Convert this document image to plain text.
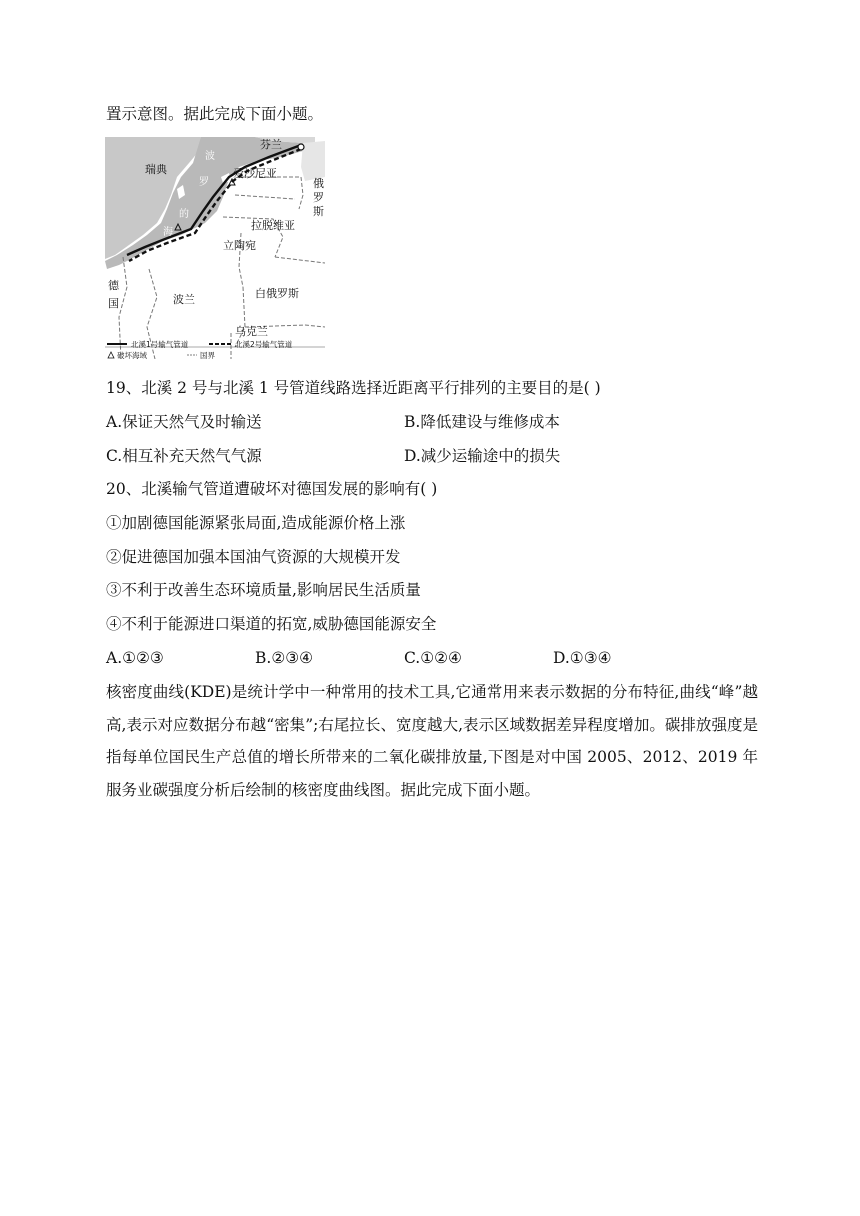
置示意图。据此完成下面小题。
芬兰
瑞典	爱沙尼亚
俄
罗
斯
拉脱维亚
立陶宛
德
国	波兰	白俄罗斯
乌克兰
波
罗
的
海
北溪1号输气管道	北溪2号输气管道
破坏海域	国界
19、北溪 2 号与北溪 1 号管道线路选择近距离平行排列的主要目的是( )
A.保证天然气及时输送	B.降低建设与维修成本
C.相互补充天然气气源	D.减少运输途中的损失
20、北溪输气管道遭破坏对德国发展的影响有( )
①加剧德国能源紧张局面,造成能源价格上涨
②促进德国加强本国油气资源的大规模开发
③不利于改善生态环境质量,影响居民生活质量
④不利于能源进口渠道的拓宽,威胁德国能源安全
A.①②③	B.②③④	C.①②④	D.①③④
核密度曲线(KDE)是统计学中一种常用的技术工具,它通常用来表示数据的分布特征,曲线“峰”越高,表示对应数据分布越“密集”;右尾拉长、宽度越大,表示区域数据差异程度增加。碳排放强度是指每单位国民生产总值的增长所带来的二氧化碳排放量,下图是对中国 2005、2012、2019 年服务业碳强度分析后绘制的核密度曲线图。据此完成下面小题。
